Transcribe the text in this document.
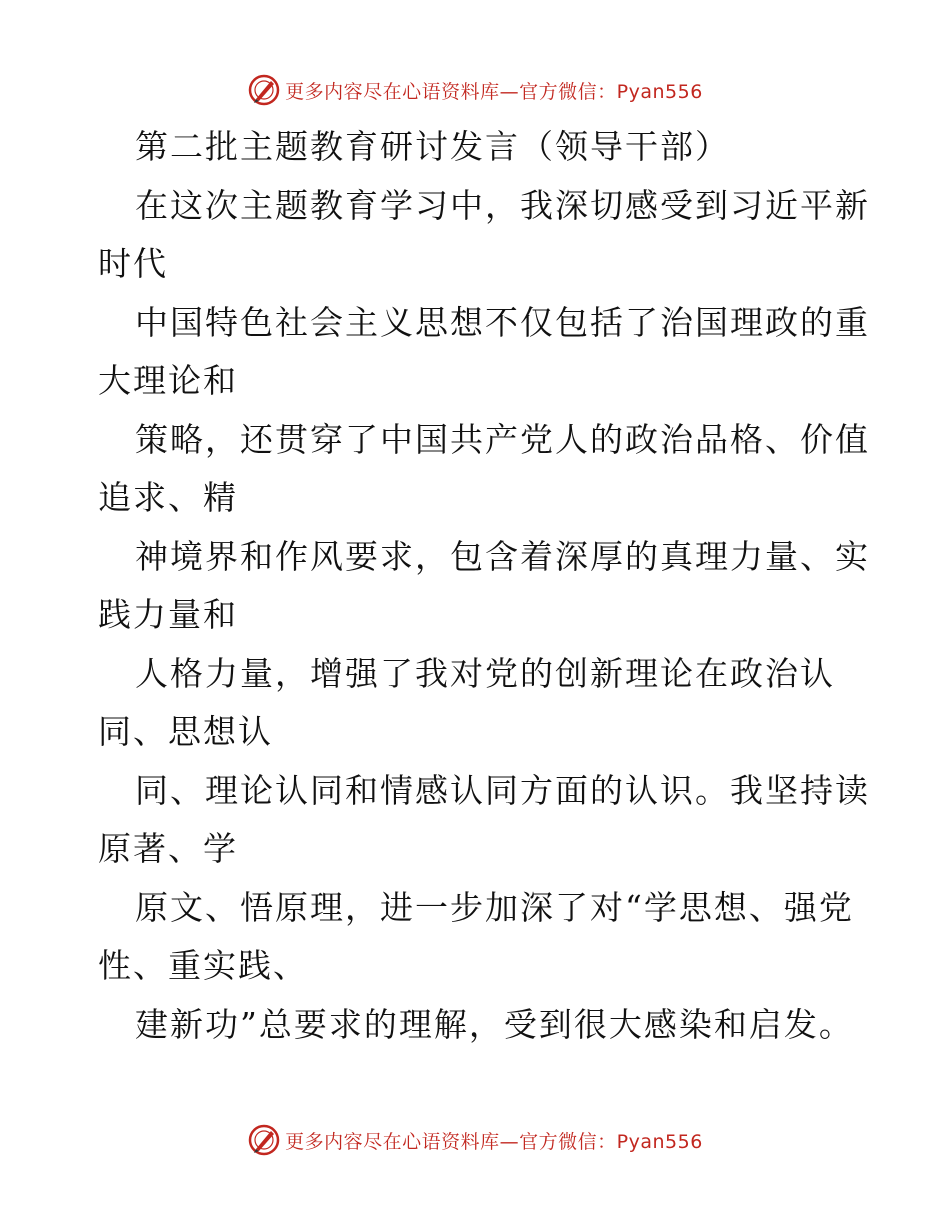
更多内容尽在心语资料库—官方微信：Pyan556
第二批主题教育研讨发言（领导干部）
在这次主题教育学习中，我深切感受到习近平新
时代
中国特色社会主义思想不仅包括了治国理政的重
大理论和
策略，还贯穿了中国共产党人的政治品格、价值
追求、精
神境界和作风要求，包含着深厚的真理力量、实
践力量和
人格力量，增强了我对党的创新理论在政治认
同、思想认
同、理论认同和情感认同方面的认识。我坚持读
原著、学
原文、悟原理，进一步加深了对“学思想、强党
性、重实践、
建新功”总要求的理解，受到很大感染和启发。
更多内容尽在心语资料库—官方微信：Pyan556
